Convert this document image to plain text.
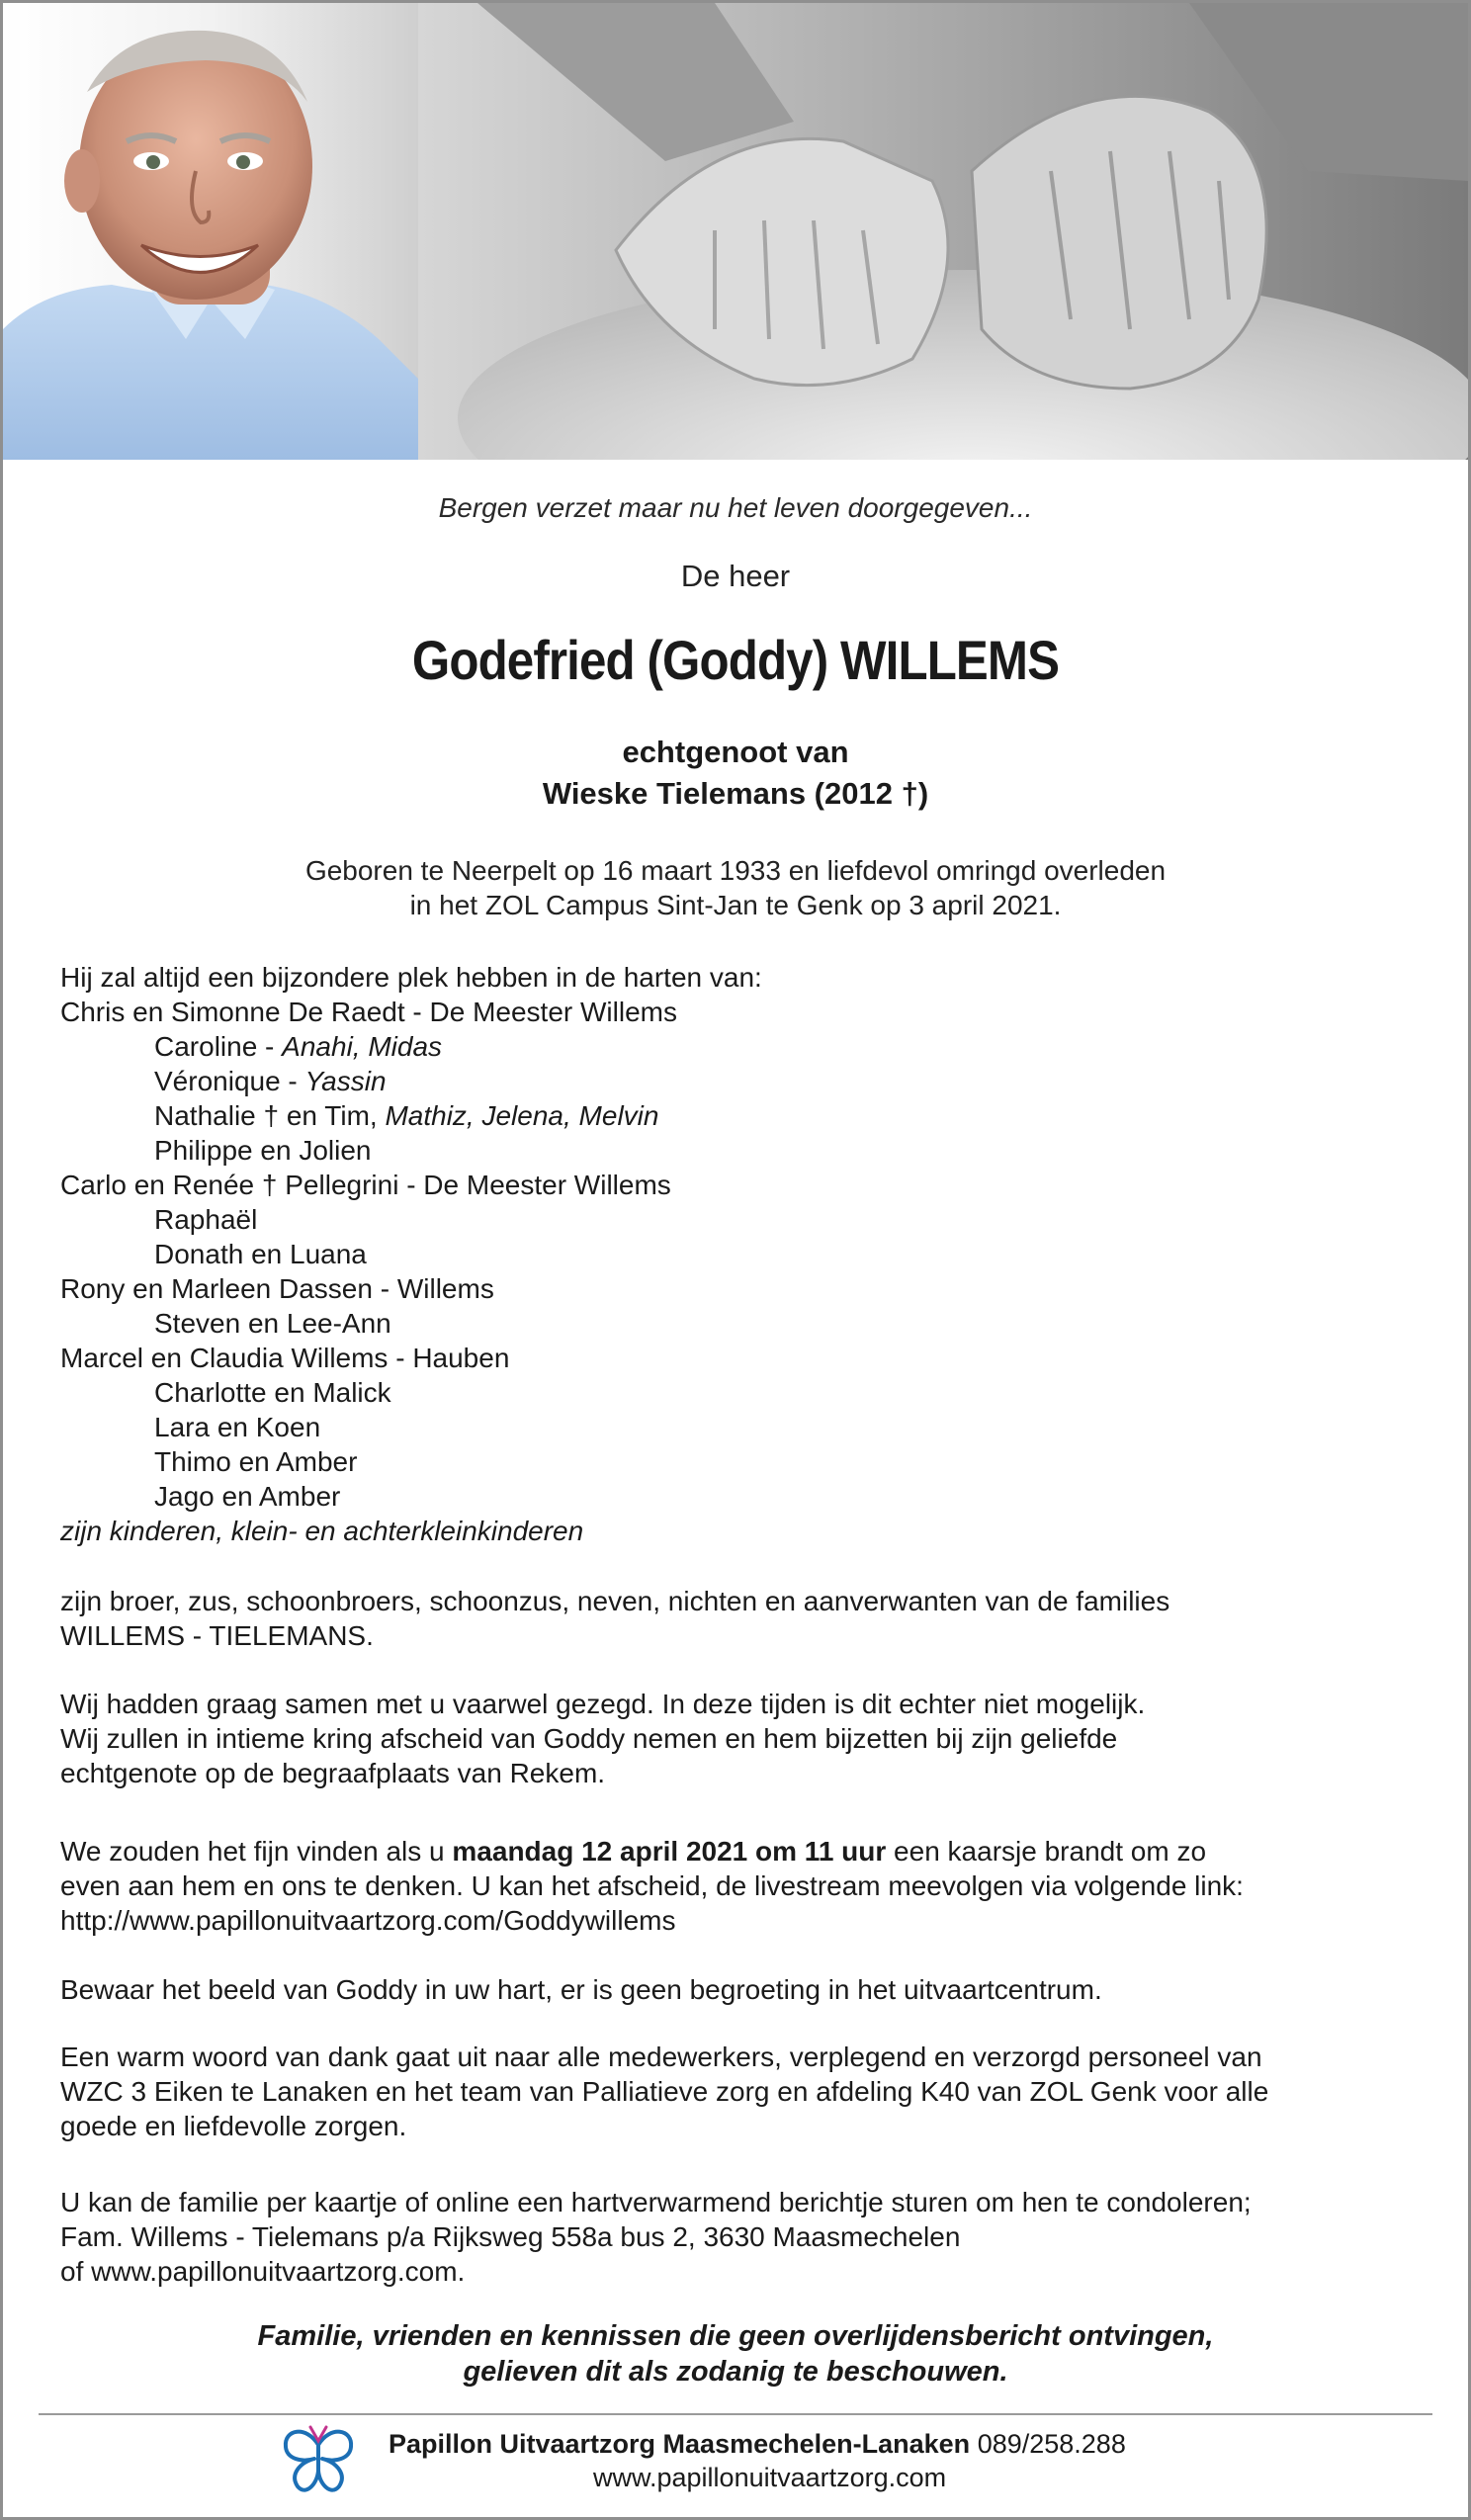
Bergen verzet maar nu het leven doorgegeven...
De heer
Godefried (Goddy) WILLEMS
echtgenoot van
Wieske Tielemans (2012 †)
Geboren te Neerpelt op 16 maart 1933 en liefdevol omringd overleden
in het ZOL Campus Sint-Jan te Genk op 3 april 2021.
Hij zal altijd een bijzondere plek hebben in de harten van:
Chris en Simonne De Raedt - De Meester Willems
Caroline - Anahi, Midas
Véronique - Yassin
Nathalie † en Tim, Mathiz, Jelena, Melvin
Philippe en Jolien
Carlo en Renée † Pellegrini - De Meester Willems
Raphaël
Donath en Luana
Rony en Marleen Dassen - Willems
Steven en Lee-Ann
Marcel en Claudia Willems - Hauben
Charlotte en Malick
Lara en Koen
Thimo en Amber
Jago en Amber
zijn kinderen, klein- en achterkleinkinderen
zijn broer, zus, schoonbroers, schoonzus, neven, nichten en aanverwanten van de families
WILLEMS - TIELEMANS.
Wij hadden graag samen met u vaarwel gezegd. In deze tijden is dit echter niet mogelijk.
Wij zullen in intieme kring afscheid van Goddy nemen en hem bijzetten bij zijn geliefde
echtgenote op de begraafplaats van Rekem.
We zouden het fijn vinden als u maandag 12 april 2021 om 11 uur een kaarsje brandt om zo
even aan hem en ons te denken. U kan het afscheid, de livestream meevolgen via volgende link:
http://www.papillonuitvaartzorg.com/Goddywillems
Bewaar het beeld van Goddy in uw hart, er is geen begroeting in het uitvaartcentrum.
Een warm woord van dank gaat uit naar alle medewerkers, verplegend en verzorgd personeel van
WZC 3 Eiken te Lanaken en het team van Palliatieve zorg en afdeling K40 van ZOL Genk voor alle
goede en liefdevolle zorgen.
U kan de familie per kaartje of online een hartverwarmend berichtje sturen om hen te condoleren;
Fam. Willems - Tielemans p/a Rijksweg 558a bus 2, 3630 Maasmechelen
of www.papillonuitvaartzorg.com.
Familie, vrienden en kennissen die geen overlijdensbericht ontvingen,
gelieven dit als zodanig te beschouwen.
Papillon Uitvaartzorg Maasmechelen-Lanaken 089/258.288
www.papillonuitvaartzorg.com
